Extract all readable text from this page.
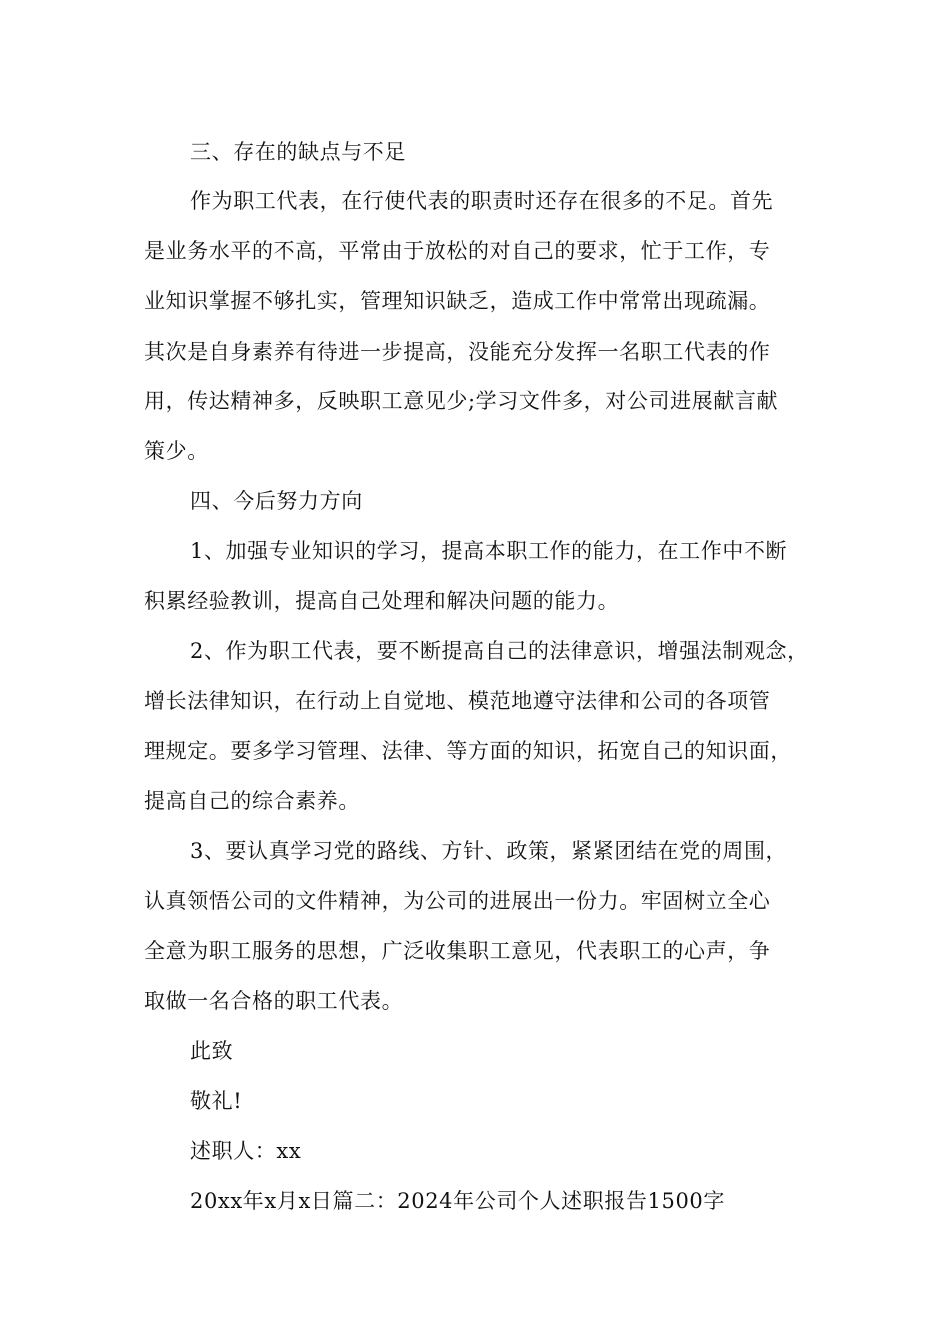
三、存在的缺点与不足
作为职工代表，在行使代表的职责时还存在很多的不足。首先
是业务水平的不高，平常由于放松的对自己的要求，忙于工作，专
业知识掌握不够扎实，管理知识缺乏，造成工作中常常出现疏漏。
其次是自身素养有待进一步提高，没能充分发挥一名职工代表的作
用，传达精神多，反映职工意见少;学习文件多，对公司进展献言献
策少。
四、今后努力方向
1、加强专业知识的学习，提高本职工作的能力，在工作中不断
积累经验教训，提高自己处理和解决问题的能力。
2、作为职工代表，要不断提高自己的法律意识，增强法制观念，
增长法律知识，在行动上自觉地、模范地遵守法律和公司的各项管
理规定。要多学习管理、法律、等方面的知识，拓宽自己的知识面，
提高自己的综合素养。
3、要认真学习党的路线、方针、政策，紧紧团结在党的周围，
认真领悟公司的文件精神，为公司的进展出一份力。牢固树立全心
全意为职工服务的思想，广泛收集职工意见，代表职工的心声，争
取做一名合格的职工代表。
此致
敬礼!
述职人：xx
20xx年x月x日篇二：2024年公司个人述职报告1500字
